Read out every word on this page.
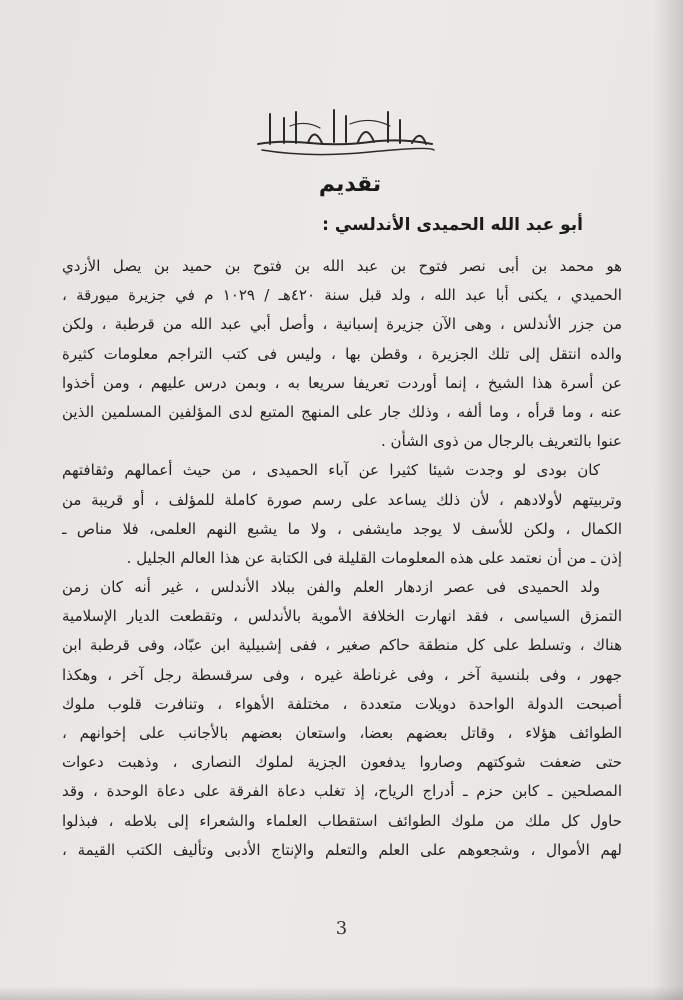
تقديم
أبو عبد الله الحميدى الأندلسي :
هو محمد بن أبى نصر فتوح بن عبد الله بن فتوح بن حميد بن يصل الأزدي
الحميدي ، يكنى أبا عبد الله ، ولد قبل سنة ٤٢٠هـ / ١٠٢٩ م في جزيرة ميورقة ،
من جزر الأندلس ، وهى الآن جزيرة إسبانية ، وأصل أبي عبد الله من قرطبة ، ولكن
والده انتقل إلى تلك الجزيرة ، وقطن بها ، وليس فى كتب التراجم معلومات كثيرة
عن أسرة هذا الشيخ ، إنما أوردت تعريفا سريعا به ، وبمن درس عليهم ، ومن أخذوا
عنه ، وما قرأه ، وما ألفه ، وذلك جار على المنهج المتبع لدى المؤلفين المسلمين الذين
عنوا بالتعريف بالرجال من ذوى الشأن .
كان بودى لو وجدت شيئا كثيرا عن آباء الحميدى ، من حيث أعمالهم وثقافتهم
وتربيتهم لأولادهم ، لأن ذلك يساعد على رسم صورة كاملة للمؤلف ، أو قريبة من
الكمال ، ولكن للأسف لا يوجد مايشفى ، ولا ما يشبع النهم العلمى، فلا مناص ـ
إذن ـ من أن نعتمد على هذه المعلومات القليلة فى الكتابة عن هذا العالم الجليل .
ولد الحميدى فى عصر ازدهار العلم والفن ببلاد الأندلس ، غير أنه كان زمن
التمزق السياسى ، فقد انهارت الخلافة الأموية بالأندلس ، وتقطعت الديار الإسلامية
هناك ، وتسلط على كل منطقة حاكم صغير ، ففى إشبيلية ابن عبّاد، وفى قرطبة ابن
جهور ، وفى بلنسية آخر ، وفى غرناطة غيره ، وفى سرقسطة رجل آخر ، وهكذا
أصبحت الدولة الواحدة دويلات متعددة ، مختلفة الأهواء ، وتنافرت قلوب ملوك
الطوائف هؤلاء ، وقاتل بعضهم بعضا، واستعان بعضهم بالأجانب على إخوانهم ،
حتى ضعفت شوكتهم وصاروا يدفعون الجزية لملوك النصارى ، وذهبت دعوات
المصلحين ـ كابن حزم ـ أدراج الرياح، إذ تغلب دعاة الفرقة على دعاة الوحدة ، وقد
حاول كل ملك من ملوك الطوائف استقطاب العلماء والشعراء إلى بلاطه ، فبذلوا
لهم الأموال ، وشجعوهم على العلم والتعلم والإنتاج الأدبى وتأليف الكتب القيمة ،
3
